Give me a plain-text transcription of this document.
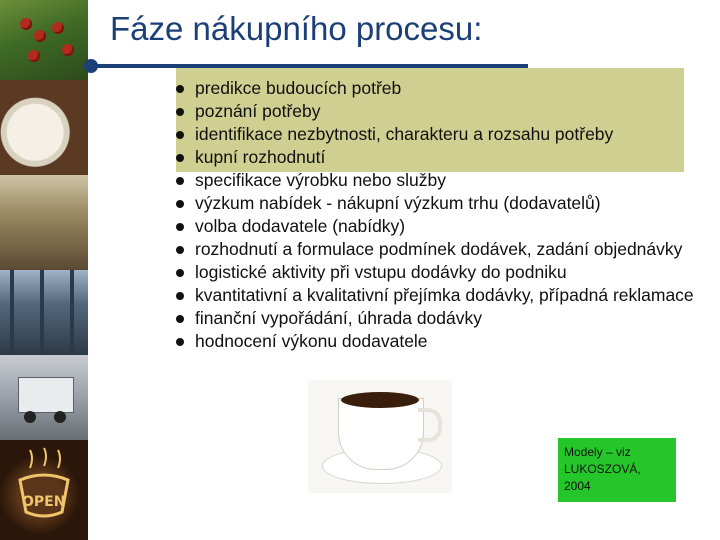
OPEN
Fáze nákupního procesu:
predikce budoucích potřeb
poznání potřeby
identifikace nezbytnosti, charakteru a rozsahu potřeby
kupní rozhodnutí
specifikace výrobku nebo služby
výzkum nabídek - nákupní výzkum trhu (dodavatelů)
volba dodavatele (nabídky)
rozhodnutí a formulace podmínek dodávek, zadání objednávky
logistické aktivity při vstupu dodávky do podniku
kvantitativní a kvalitativní přejímka dodávky, případná reklamace
finanční vypořádání, úhrada dodávky
hodnocení výkonu dodavatele
Modely – viz
LUKOSZOVÁ,
2004
